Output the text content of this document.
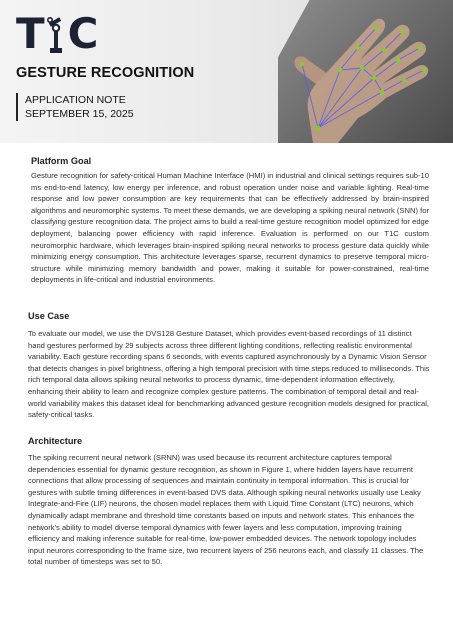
T C
GESTURE RECOGNITION
APPLICATION NOTE
SEPTEMBER 15, 2025
Platform Goal

Gesture recognition for safety-critical Human Machine Interface (HMI) in industrial and clinical settings requires sub-10 ms end-to-end latency, low energy per inference, and robust operation under noise and variable lighting. Real-time response and low power consumption are key requirements that can be effectively addressed by brain-inspired algorithms and neuromorphic systems. To meet these demands, we are developing a spiking neural network (SNN) for classifying gesture recognition data. The project aims to build a real-time gesture recognition model optimized for edge deployment, balancing power efficiency with rapid inference. Evaluation is performed on our T1C custom neuromorphic hardware, which leverages brain-inspired spiking neural networks to process gesture data quickly while minimizing energy consumption. This architecture leverages sparse, recurrent dynamics to preserve temporal micro-structure while minimizing memory bandwidth and power, making it suitable for power-constrained, real-time deployments in life-critical and industrial environments.

Use Case

To evaluate our model, we use the DVS128 Gesture Dataset, which provides event-based recordings of 11 distinct hand gestures performed by 29 subjects across three different lighting conditions, reflecting realistic environmental variability. Each gesture recording spans 6 seconds, with events captured asynchronously by a Dynamic Vision Sensor that detects changes in pixel brightness, offering a high temporal precision with time steps reduced to milliseconds. This rich temporal data allows spiking neural networks to process dynamic, time-dependent information effectively, enhancing their ability to learn and recognize complex gesture patterns. The combination of temporal detail and real-world variability makes this dataset ideal for benchmarking advanced gesture recognition models designed for practical, safety-critical tasks.

Architecture

The spiking recurrent neural network (SRNN) was used because its recurrent architecture captures temporal dependencies essential for dynamic gesture recognition, as shown in Figure 1, where hidden layers have recurrent connections that allow processing of sequences and maintain continuity in temporal information. This is crucial for gestures with subtle timing differences in event-based DVS data. Although spiking neural networks usually use Leaky Integrate-and-Fire (LIF) neurons, the chosen model replaces them with Liquid Time Constant (LTC) neurons, which dynamically adapt membrane and threshold time constants based on inputs and network states. This enhances the network's ability to model diverse temporal dynamics with fewer layers and less computation, improving training efficiency and making inference suitable for real-time, low-power embedded devices. The network topology includes input neurons corresponding to the frame size, two recurrent layers of 256 neurons each, and classify 11 classes. The total number of timesteps was set to 50.
